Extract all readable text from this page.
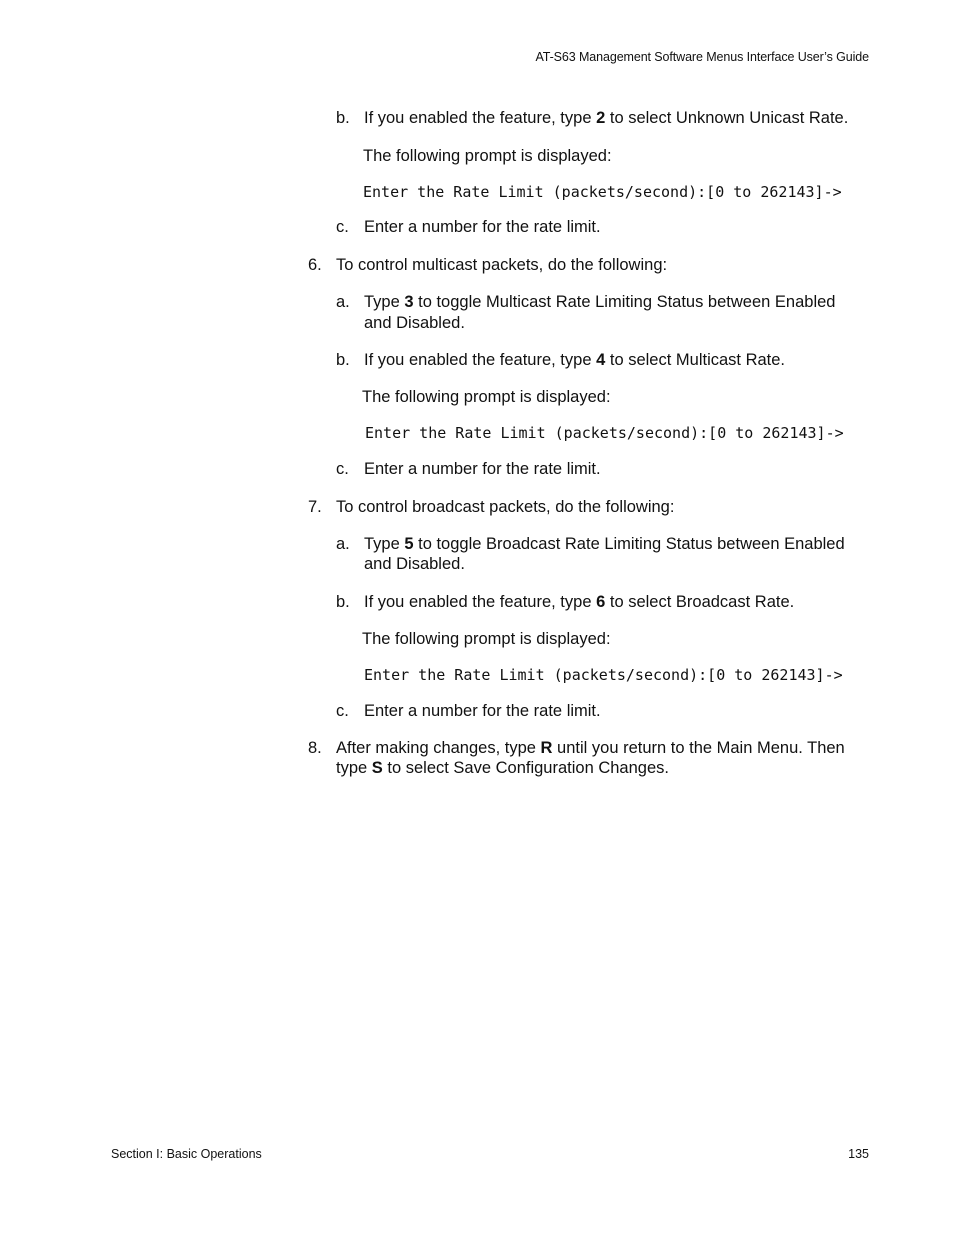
AT-S63 Management Software Menus Interface User’s Guide
b. If you enabled the feature, type 2 to select Unknown Unicast Rate.
The following prompt is displayed:
Enter the Rate Limit (packets/second):[0 to 262143]->
c. Enter a number for the rate limit.
6. To control multicast packets, do the following:
a. Type 3 to toggle Multicast Rate Limiting Status between Enabled
and Disabled.
b. If you enabled the feature, type 4 to select Multicast Rate.
The following prompt is displayed:
Enter the Rate Limit (packets/second):[0 to 262143]->
c. Enter a number for the rate limit.
7. To control broadcast packets, do the following:
a. Type 5 to toggle Broadcast Rate Limiting Status between Enabled
and Disabled.
b. If you enabled the feature, type 6 to select Broadcast Rate.
The following prompt is displayed:
Enter the Rate Limit (packets/second):[0 to 262143]->
c. Enter a number for the rate limit.
8. After making changes, type R until you return to the Main Menu. Then
type S to select Save Configuration Changes.
Section I: Basic Operations	135
